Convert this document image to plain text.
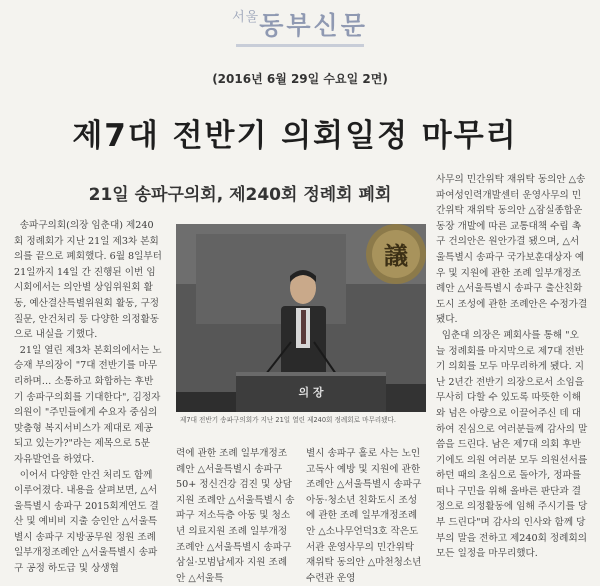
$^{서울}$동부신문
(2016년 6월 29일 수요일 2면)
제7대 전반기 의회일정 마무리
21일 송파구의회, 제240회 정례회 폐회

송파구의회(의장 임춘대) 제240회 정례회가 지난 21일 제3차 본회의를 끝으로 폐회했다. 6월 8일부터 21일까지 14일 간 진행된 이번 임시회에서는 의안별 상임위원회 활동, 예산결산특별위원회 활동, 구정질문, 안건처리 등 다양한 의정활동으로 내실을 기했다.

21일 열린 제3차 본회의에서는 노승재 부의장이 "7대 전반기를 마무리하며… 소통하고 화합하는 후반기 송파구의회를 기대한다", 김정자 의원이 "주민들에게 수요자 중심의 맞춤형 복지서비스가 제대로 제공되고 있는가?"라는 제목으로 5분 자유발언을 하였다.

이어서 다양한 안건 처리도 함께 이루어졌다. 내용을 살펴보면, △서울특별시 송파구 2015회계연도 결산 및 예비비 지출 승인안 △서울특별시 송파구 지방공무원 정원 조례 일부개정조례안 △서울특별시 송파구 공정 하도급 및 상생협

議
의 장
제7대 전반기 송파구의회가 지난 21일 열린 제240회 정례회로 마무리됐다.

력에 관한 조례 일부개정조례안 △서울특별시 송파구 50+ 정신건강 검진 및 상담 지원 조례안 △서울특별시 송파구 저소득층 아동 및 청소년 의료지원 조례 일부개정조례안 △서울특별시 송파구 삼실·모범납세자 지원 조례안 △서울특

별시 송파구 홀로 사는 노인 고독사 예방 및 지원에 관한 조례안 △서울특별시 송파구 아동·청소년 친화도시 조성에 관한 조례 일부개정조례안 △소나무언덕3호 작은도서관 운영사무의 민간위탁 재위탁 동의안 △마천청소년수련관 운영

사무의 민간위탁 재위탁 동의안 △송파여성인력개발센터 운영사무의 민간위탁 재위탁 동의안 △잠실종합운동장 개발에 따른 교통대책 수립 촉구 건의안은 원안가결 됐으며, △서울특별시 송파구 국가보훈대상자 예우 및 지원에 관한 조례 일부개정조례안 △서울특별시 송파구 출산친화도시 조성에 관한 조례안은 수정가결 됐다.

임춘대 의장은 폐회사를 통해 "오늘 정례회를 마지막으로 제7대 전반기 의회를 모두 마무리하게 됐다. 지난 2년간 전반기 의장으로서 소임을 무사히 다할 수 있도록 따뜻한 이해와 넘은 아량으로 이끌어주신 데 대하여 진심으로 여러분들께 감사의 말씀을 드린다. 남은 제7대 의회 후반기에도 의원 여러분 모두 의원선서를 하던 때의 초심으로 돌아가, 정파를 떠나 구민을 위해 올바른 판단과 결정으로 의정활동에 임해 주시기를 당부 드린다"며 감사의 인사와 함께 당부의 말을 전하고 제240회 정례회의 모든 일정을 마무리했다.
